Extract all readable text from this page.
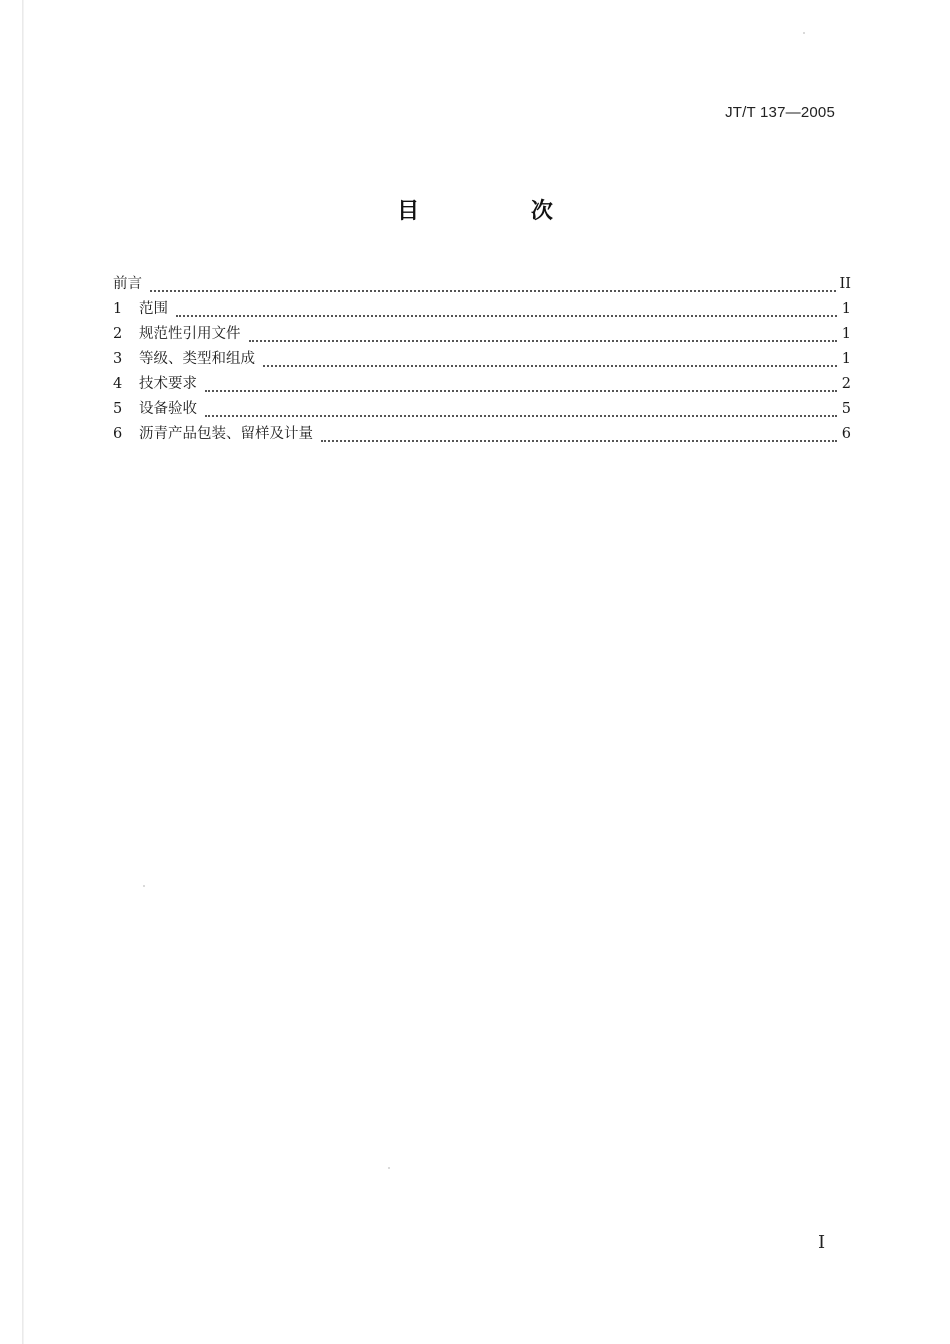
JT/T 137—2005
目 次
前言	II
1	范围	1
2	规范性引用文件	1
3	等级、类型和组成	1
4	技术要求	2
5	设备验收	5
6	沥青产品包装、留样及计量	6
I
